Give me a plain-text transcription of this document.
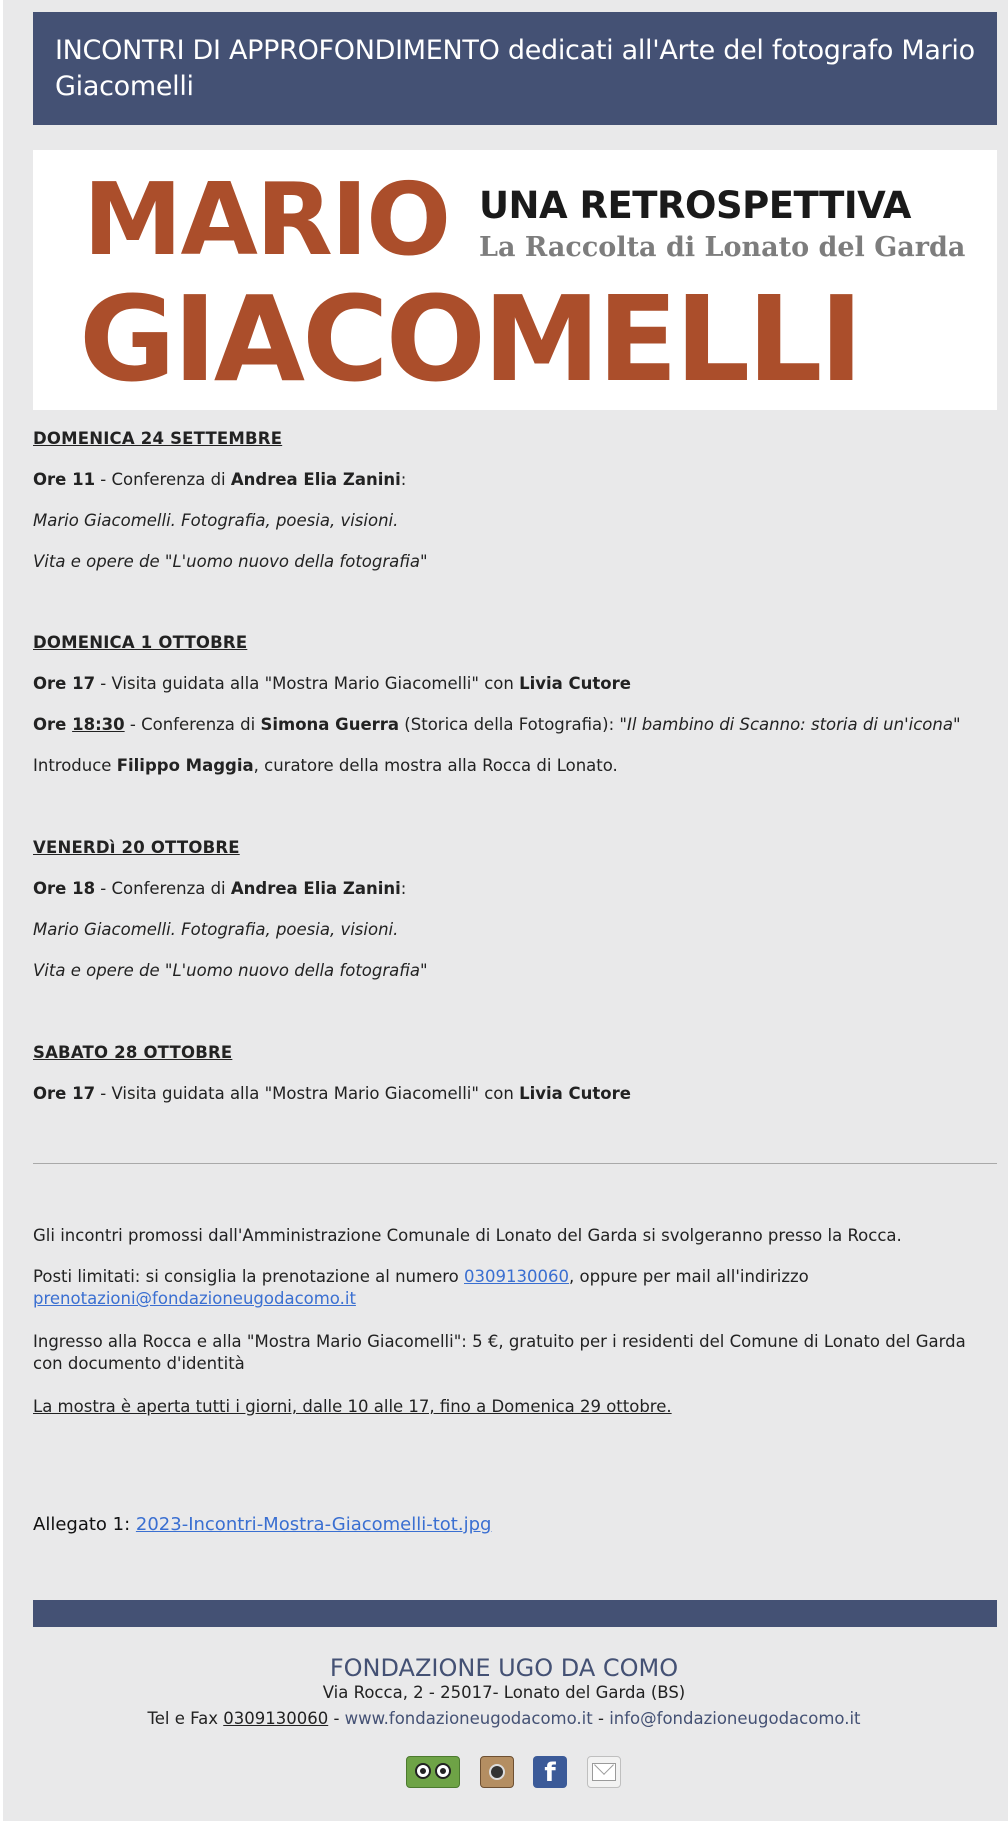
INCONTRI DI APPROFONDIMENTO dedicati all'Arte del fotografo Mario Giacomelli
MARIO UNA RETROSPETTIVA
La Raccolta di Lonato del Garda
GIACOMELLI
DOMENICA 24 SETTEMBRE
Ore 11 - Conferenza di Andrea Elia Zanini:
Mario Giacomelli. Fotografia, poesia, visioni.
Vita e opere de "L'uomo nuovo della fotografia"
DOMENICA 1 OTTOBRE
Ore 17 - Visita guidata alla "Mostra Mario Giacomelli" con Livia Cutore
Ore 18:30 - Conferenza di Simona Guerra (Storica della Fotografia): "Il bambino di Scanno: storia di un'icona"
Introduce Filippo Maggia, curatore della mostra alla Rocca di Lonato.
VENERDì 20 OTTOBRE
Ore 18 - Conferenza di Andrea Elia Zanini:
Mario Giacomelli. Fotografia, poesia, visioni.
Vita e opere de "L'uomo nuovo della fotografia"
SABATO 28 OTTOBRE
Ore 17 - Visita guidata alla "Mostra Mario Giacomelli" con Livia Cutore
Gli incontri promossi dall'Amministrazione Comunale di Lonato del Garda si svolgeranno presso la Rocca.
Posti limitati: si consiglia la prenotazione al numero 0309130060, oppure per mail all'indirizzo
prenotazioni@fondazioneugodacomo.it
Ingresso alla Rocca e alla "Mostra Mario Giacomelli": 5 €, gratuito per i residenti del Comune di Lonato del Garda con documento d'identità
La mostra è aperta tutti i giorni, dalle 10 alle 17, fino a Domenica 29 ottobre.
Allegato 1: 2023-Incontri-Mostra-Giacomelli-tot.jpg
FONDAZIONE UGO DA COMO
Via Rocca, 2 - 25017- Lonato del Garda (BS)
Tel e Fax 0309130060 - www.fondazioneugodacomo.it - info@fondazioneugodacomo.it
f
